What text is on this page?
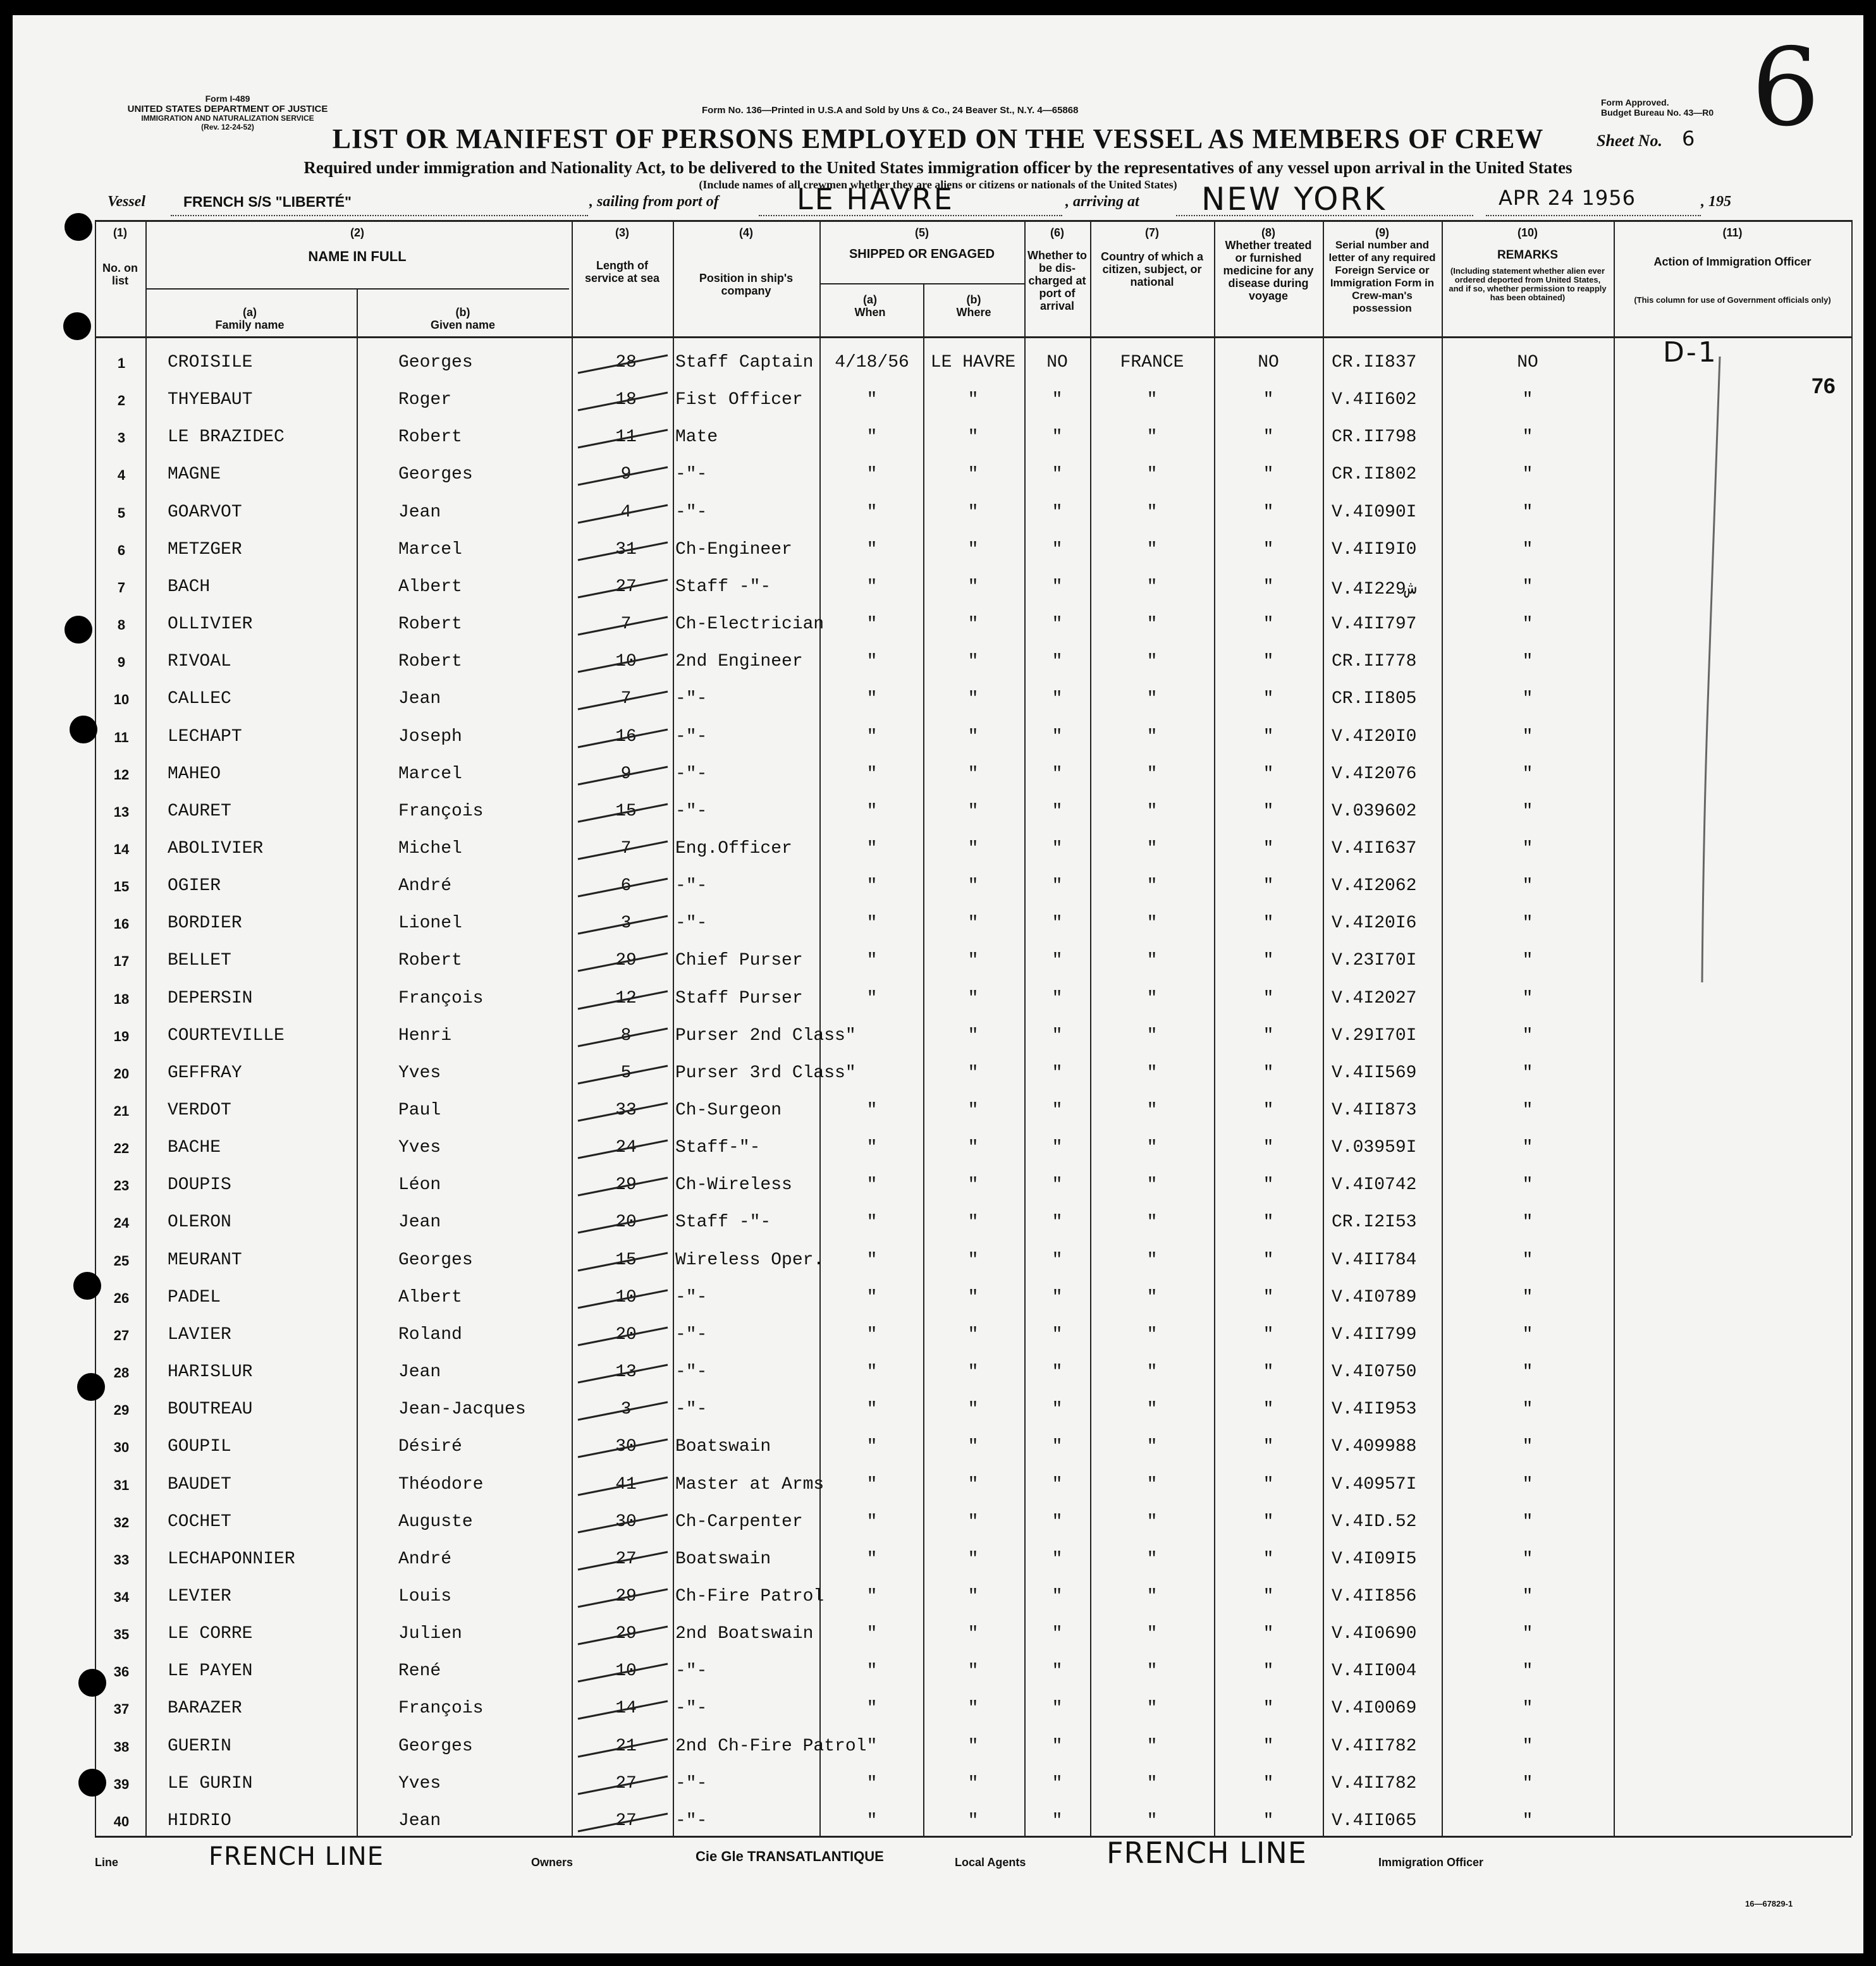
Form I-489
UNITED STATES DEPARTMENT OF JUSTICE
IMMIGRATION AND NATURALIZATION SERVICE
(Rev. 12-24-52)
Form No. 136—Printed in U.S.A and Sold by Uns & Co., 24 Beaver St., N.Y. 4—65868
Form Approved.
Budget Bureau No. 43—R0
Sheet No. 6 6
LIST OR MANIFEST OF PERSONS EMPLOYED ON THE VESSEL AS MEMBERS OF CREW
Required under immigration and Nationality Act, to be delivered to the United States immigration officer by the representatives of any vessel upon arrival in the United States
(Include names of all crewmen whether they are aliens or citizens or nationals of the United States)
Vessel	FRENCH S/S "LIBERTÉ"	, sailing from port of	LE HAVRE	, arriving at NEW YORK	APR 24 1956	, 195
(1)
No. on list
(2)
NAME IN FULL
(a)
Family name
(b)
Given name
(3)
Length of service at sea
(4)
Position in ship's company
(5)
SHIPPED OR ENGAGED
(a)
When
(b)
Where
(6)
Whether to be dis-charged at port of arrival
(7)
Country of which a citizen, subject, or national
(8)
Whether treated or furnished medicine for any disease during voyage
(9)
Serial number and letter of any required Foreign Service or Immigration Form in Crew-man's possession
(10)
REMARKS
(Including statement whether alien ever ordered deported from United States, and if so, whether permission to reapply has been obtained)
(11)
Action of Immigration Officer
(This column for use of Government officials only)
1	CROISILE	Georges	28	Staff Captain	4/18/56	LE HAVRE	NO	FRANCE	NO	CR.II837	NO
2	THYEBAUT	Roger	18	Fist Officer	"	"	"	"	"	V.4II602	"
3	LE BRAZIDEC	Robert	11	Mate	"	"	"	"	"	CR.II798	"
4	MAGNE	Georges	9	-"-	"	"	"	"	"	CR.II802	"
5	GOARVOT	Jean	4	-"-	"	"	"	"	"	V.4I090I	"
6	METZGER	Marcel	31	Ch-Engineer	"	"	"	"	"	V.4II9I0	"
7	BACH	Albert	27	Staff -"-	"	"	"	"	"	V.4I229ش	"
8	OLLIVIER	Robert	7	Ch-Electrician	"	"	"	"	"	V.4II797	"
9	RIVOAL	Robert	10	2nd Engineer	"	"	"	"	"	CR.II778	"
10	CALLEC	Jean	7	-"-	"	"	"	"	"	CR.II805	"
11	LECHAPT	Joseph	16	-"-	"	"	"	"	"	V.4I20I0	"
12	MAHEO	Marcel	9	-"-	"	"	"	"	"	V.4I2076	"
13	CAURET	François	15	-"-	"	"	"	"	"	V.039602	"
14	ABOLIVIER	Michel	7	Eng.Officer	"	"	"	"	"	V.4II637	"
15	OGIER	André	6	-"-	"	"	"	"	"	V.4I2062	"
16	BORDIER	Lionel	3	-"-	"	"	"	"	"	V.4I20I6	"
17	BELLET	Robert	29	Chief Purser	"	"	"	"	"	V.23I70I	"
18	DEPERSIN	François	12	Staff Purser	"	"	"	"	"	V.4I2027	"
19	COURTEVILLE	Henri	8	Purser 2nd Class"	"	"	"	"	V.29I70I	"
20	GEFFRAY	Yves	5	Purser 3rd Class"	"	"	"	"	V.4II569	"
21	VERDOT	Paul	33	Ch-Surgeon	"	"	"	"	"	V.4II873	"
22	BACHE	Yves	24	Staff-"-	"	"	"	"	"	V.03959I	"
23	DOUPIS	Léon	29	Ch-Wireless	"	"	"	"	"	V.4I0742	"
24	OLERON	Jean	20	Staff -"-	"	"	"	"	"	CR.I2I53	"
25	MEURANT	Georges	15	Wireless Oper.	"	"	"	"	"	V.4II784	"
26	PADEL	Albert	10	-"-	"	"	"	"	"	V.4I0789	"
27	LAVIER	Roland	20	-"-	"	"	"	"	"	V.4II799	"
28	HARISLUR	Jean	13	-"-	"	"	"	"	"	V.4I0750	"
29	BOUTREAU	Jean-Jacques	3	-"-	"	"	"	"	"	V.4II953	"
30	GOUPIL	Désiré	30	Boatswain	"	"	"	"	"	V.409988	"
31	BAUDET	Théodore	41	Master at Arms	"	"	"	"	"	V.40957I	"
32	COCHET	Auguste	30	Ch-Carpenter	"	"	"	"	"	V.4ID.52	"
33	LECHAPONNIER	André	27	Boatswain	"	"	"	"	"	V.4I09I5	"
34	LEVIER	Louis	29	Ch-Fire Patrol	"	"	"	"	"	V.4II856	"
35	LE CORRE	Julien	29	2nd Boatswain	"	"	"	"	"	V.4I0690	"
36	LE PAYEN	René	10	-"-	"	"	"	"	"	V.4II004	"
37	BARAZER	François	14	-"-	"	"	"	"	"	V.4I0069	"
38	GUERIN	Georges	21	2nd Ch-Fire Patrol "	"	"	"	"	V.4II782	"
39	LE GURIN	Yves	27	-"-	"	"	"	"	"	V.4II782	"
40	HIDRIO	Jean	27	-"-	"	"	"	"	"	V.4II065	"
D-1
76
Line	FRENCH LINE	Owners	Cie Gle TRANSATLANTIQUE	Local Agents	FRENCH LINE	Immigration Officer
16—67829-1
